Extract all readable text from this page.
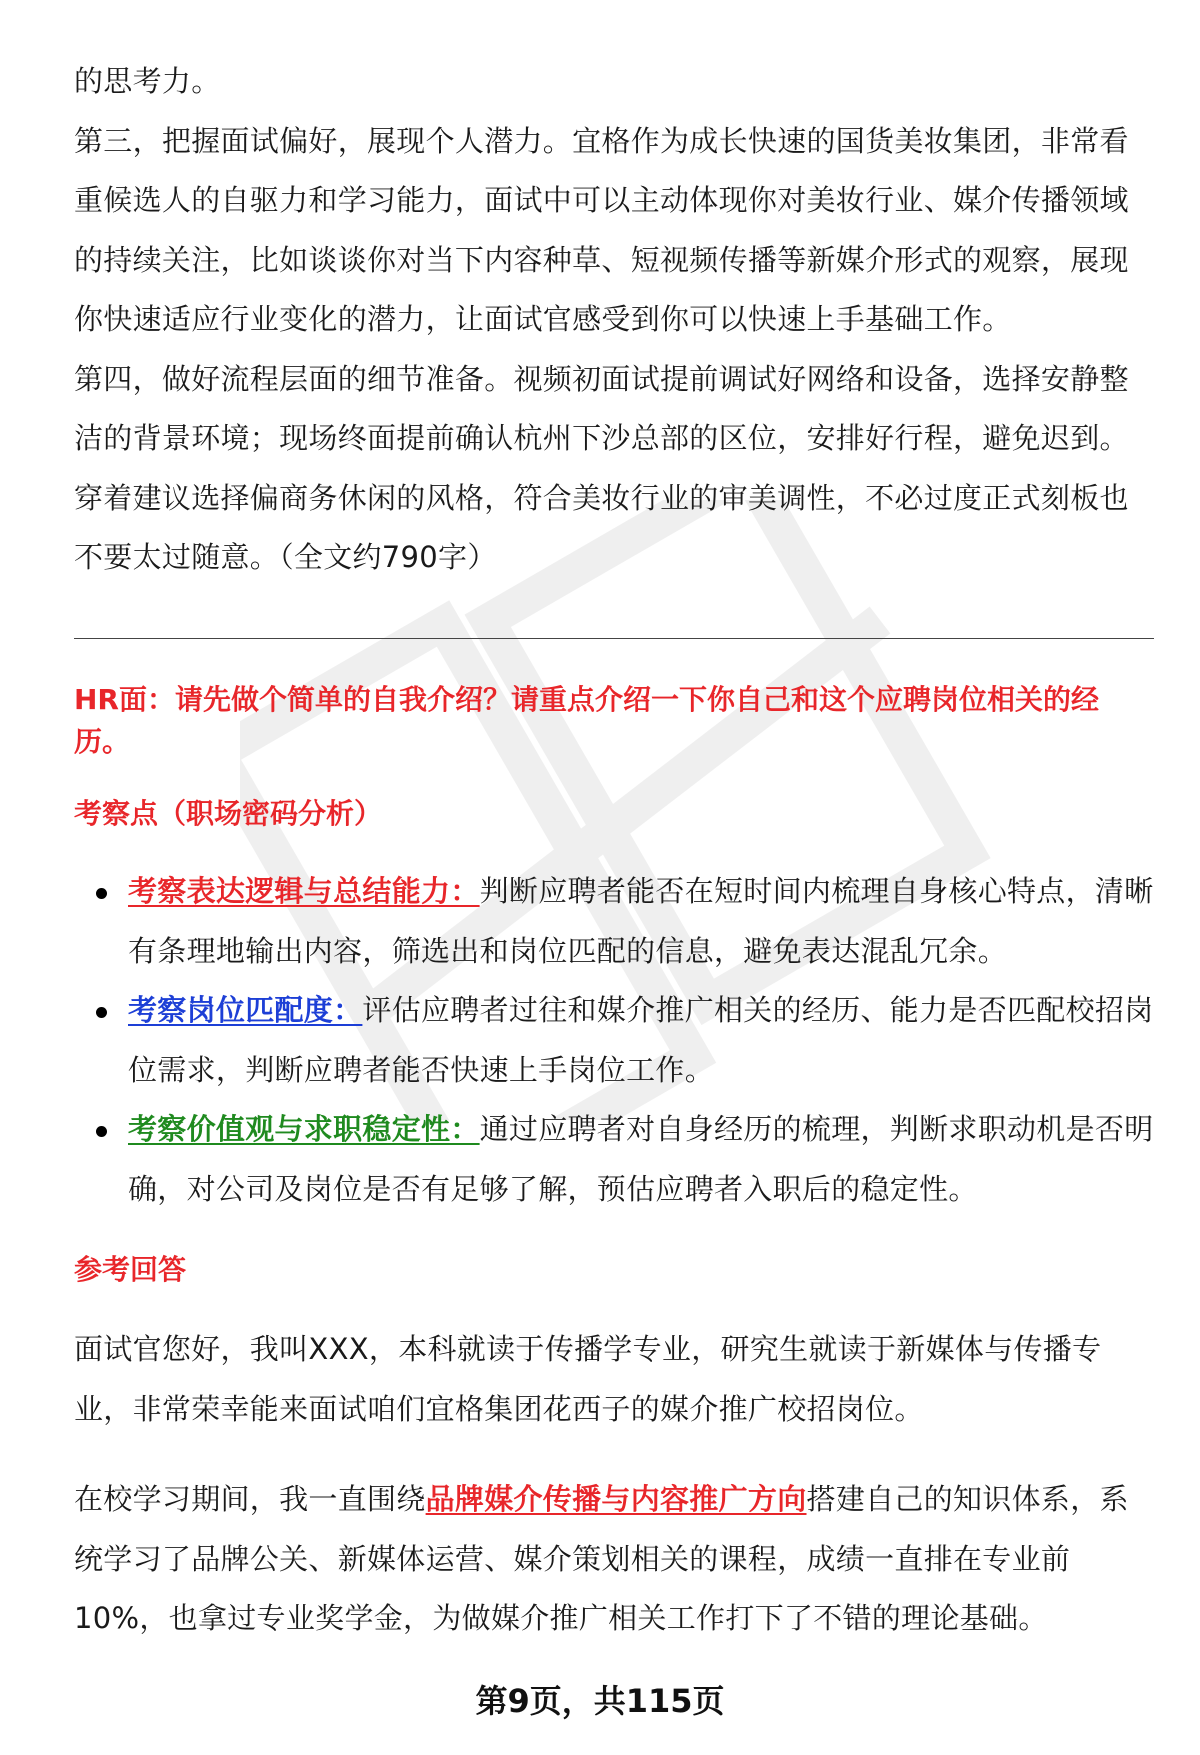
的思考力。

第三，把握面试偏好，展现个人潜力。宜格作为成长快速的国货美妆集团，非常看重候选人的自驱力和学习能力，面试中可以主动体现你对美妆行业、媒介传播领域的持续关注，比如谈谈你对当下内容种草、短视频传播等新媒介形式的观察，展现你快速适应行业变化的潜力，让面试官感受到你可以快速上手基础工作。

第四，做好流程层面的细节准备。视频初面试提前调试好网络和设备，选择安静整洁的背景环境；现场终面提前确认杭州下沙总部的区位，安排好行程，避免迟到。穿着建议选择偏商务休闲的风格，符合美妆行业的审美调性，不必过度正式刻板也不要太过随意。（全文约790字）

HR面：请先做个简单的自我介绍？请重点介绍一下你自己和这个应聘岗位相关的经历。

考察点（职场密码分析）

考察表达逻辑与总结能力：判断应聘者能否在短时间内梳理自身核心特点，清晰有条理地输出内容，筛选出和岗位匹配的信息，避免表达混乱冗余。
考察岗位匹配度：评估应聘者过往和媒介推广相关的经历、能力是否匹配校招岗位需求，判断应聘者能否快速上手岗位工作。
考察价值观与求职稳定性：通过应聘者对自身经历的梳理，判断求职动机是否明确，对公司及岗位是否有足够了解，预估应聘者入职后的稳定性。

参考回答

面试官您好，我叫XXX，本科就读于传播学专业，研究生就读于新媒体与传播专业，非常荣幸能来面试咱们宜格集团花西子的媒介推广校招岗位。

在校学习期间，我一直围绕品牌媒介传播与内容推广方向搭建自己的知识体系，系统学习了品牌公关、新媒体运营、媒介策划相关的课程，成绩一直排在专业前10%，也拿过专业奖学金，为做媒介推广相关工作打下了不错的理论基础。

第9页，共115页
